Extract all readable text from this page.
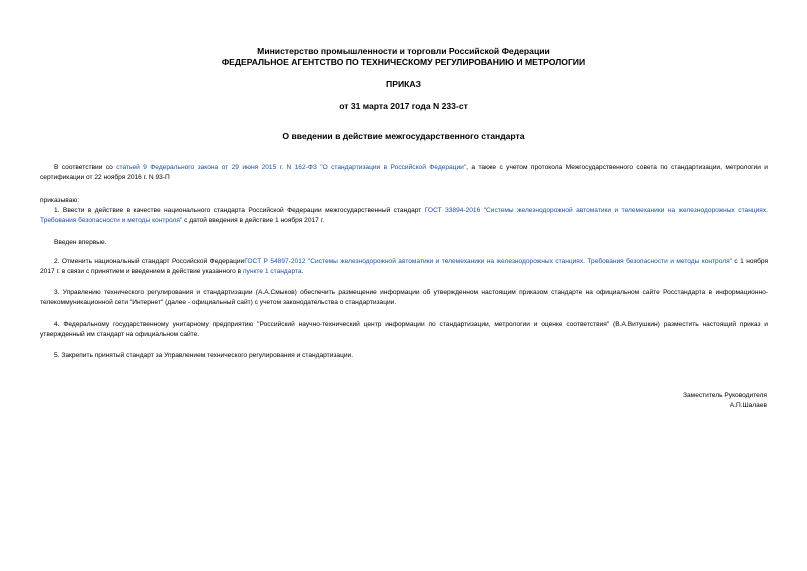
Министерство промышленности и торговли Российской Федерации
ФЕДЕРАЛЬНОЕ АГЕНТСТВО ПО ТЕХНИЧЕСКОМУ РЕГУЛИРОВАНИЮ И МЕТРОЛОГИИ
ПРИКАЗ
от 31 марта 2017 года N 233-ст
О введении в действие межгосударственного стандарта
В соответствии со статьей 9 Федерального закона от 29 июня 2015 г. N 162-ФЗ "О стандартизации в Российской Федерации", а также с учетом протокола Межгосударственного совета по стандартизации, метрологии и сертификации от 22 ноября 2016 г. N 93-П
приказываю:
1. Ввести в действие в качестве национального стандарта Российской Федерации межгосударственный стандарт ГОСТ 33894-2016 "Системы железнодорожной автоматики и телемеханики на железнодорожных станциях. Требования безопасности и методы контроля" с датой введения в действие 1 ноября 2017 г.
Введен впервые.
2. Отменить национальный стандарт Российской ФедерацииГОСТ Р 54897-2012 "Системы железнодорожной автоматики и телемеханики на железнодорожных станциях. Требования безопасности и методы контроля" с 1 ноября 2017 г. в связи с принятием и введением в действие указанного в пункте 1 стандарта.
3. Управлению технического регулирования и стандартизации (А.А.Смыков) обеспечить размещение информации об утвержденном настоящим приказом стандарте на официальном сайте Росстандарта в информационно-телекоммуникационной сети "Интернет" (далее - официальный сайт) с учетом законодательства о стандартизации.
4. Федеральному государственному унитарному предприятию "Российский научно-технический центр информации по стандартизации, метрологии и оценке соответствия" (В.А.Витушкин) разместить настоящий приказ и утвержденный им стандарт на официальном сайте.
5. Закрепить принятый стандарт за Управлением технического регулирования и стандартизации.
Заместитель Руководителя
А.П.Шалаев
